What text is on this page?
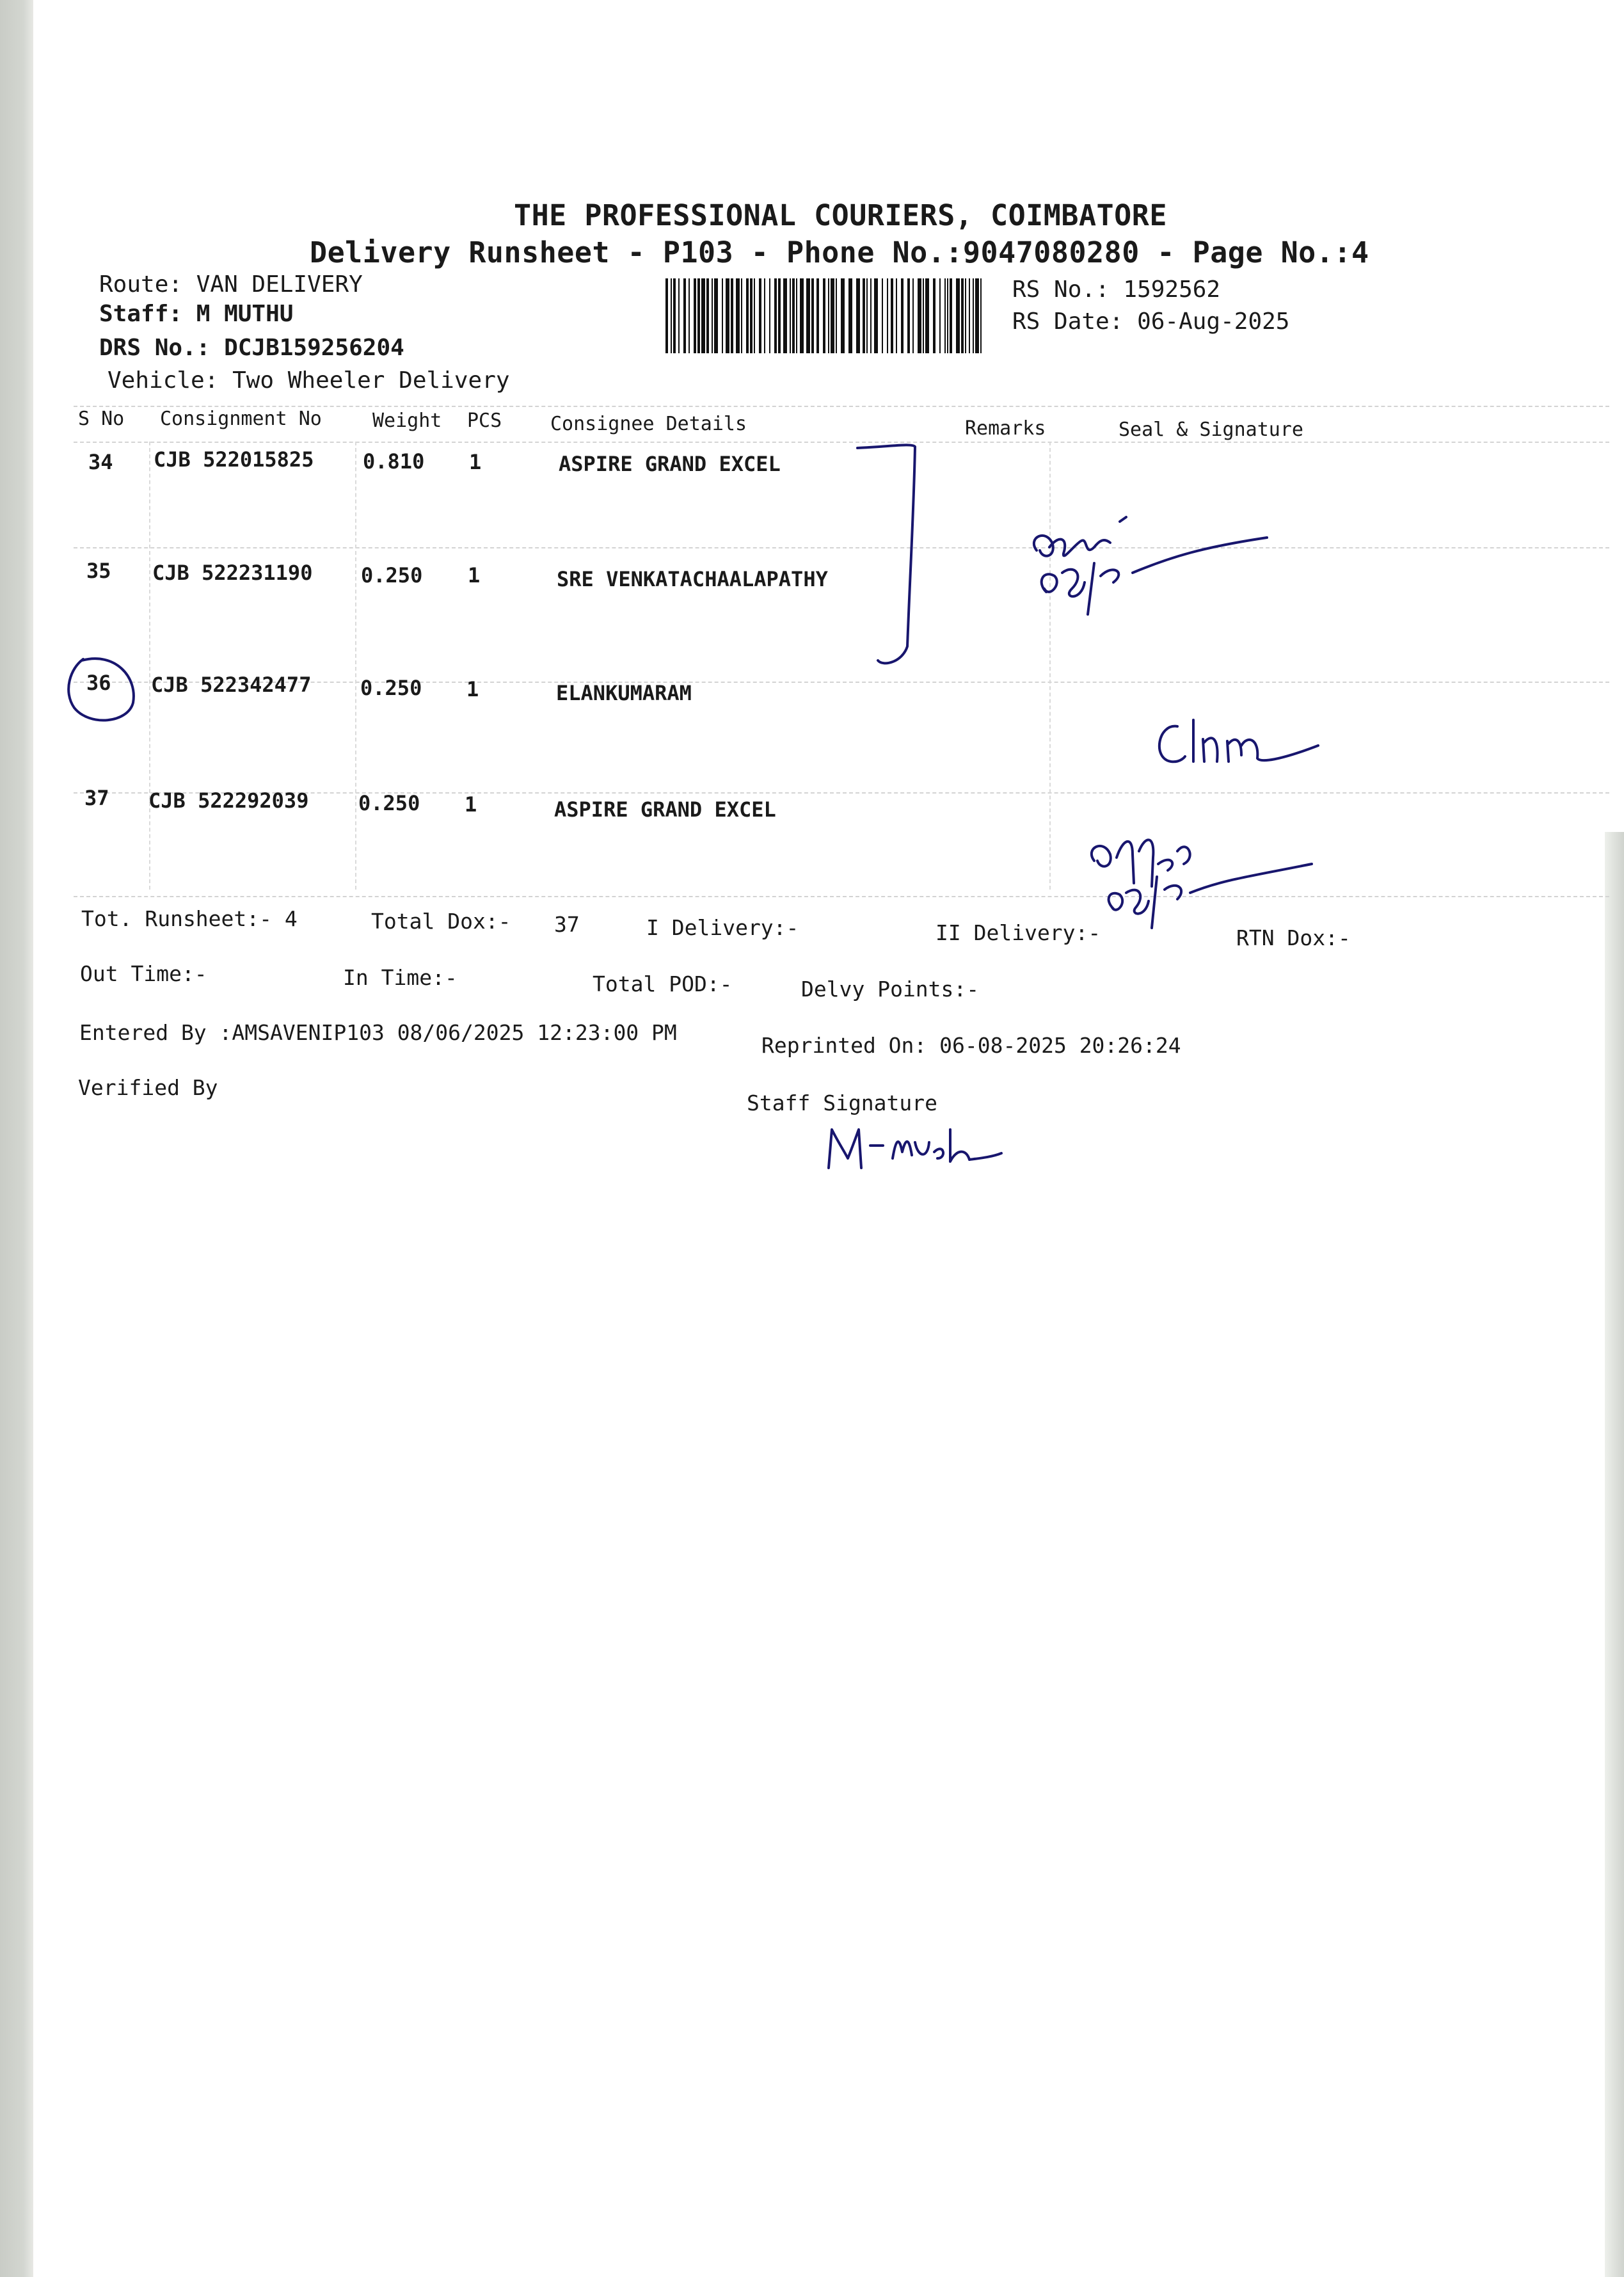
THE PROFESSIONAL COURIERS, COIMBATORE
Delivery Runsheet - P103 - Phone No.:9047080280 - Page No.:4
Route: VAN DELIVERY
Staff: M MUTHU
DRS No.: DCJB159256204
Vehicle: Two Wheeler Delivery
RS No.: 1592562
RS Date: 06-Aug-2025
S No Consignment No	Weight PCS	Consignee Details	Remarks	Seal & Signature
34 CJB 522015825 0.810 1	ASPIRE GRAND EXCEL
35 CJB 522231190 0.250 1	SRE VENKATACHAALAPATHY
36 CJB 522342477 0.250 1	ELANKUMARAM
37 CJB 522292039 0.250 1	ASPIRE GRAND EXCEL
Tot. Runsheet:- 4	Total Dox:- 37	I Delivery:-	II Delivery:-	RTN Dox:-
Out Time:-	In Time:-	Total POD:-	Delvy Points:-
Entered By :AMSAVENIP103 08/06/2025 12:23:00 PM
Reprinted On: 06-08-2025 20:26:24
Verified By
Staff Signature
